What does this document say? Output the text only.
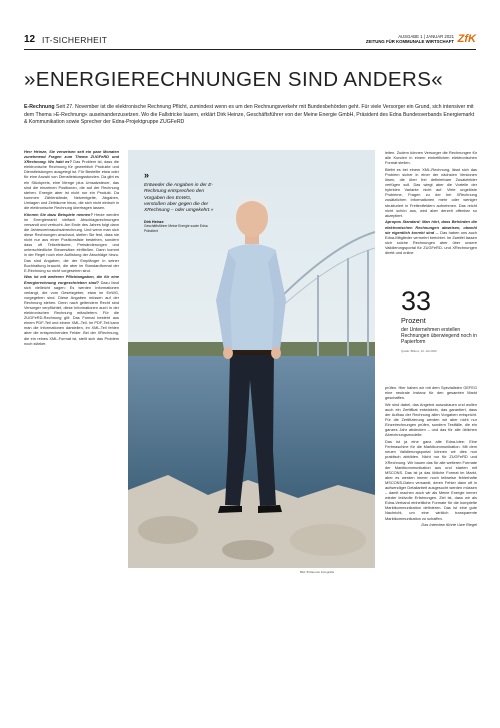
12 IT-SICHERHEIT	AUSGABE 1 | JANUAR 2021
ZEITUNG FÜR KOMMUNALE WIRTSCHAFT ZfK
»ENERGIERECHNUNGEN SIND ANDERS«
E-Rechnung Seit 27. November ist die elektronische Rechnung Pflicht, zumindest wenn es um den Rechnungsverkehr mit Bundesbehörden geht. Für viele Versorger ein Grund, sich intensiver mit dem Thema »E-Rechnung« auseinanderzusetzen. Wo die Fallstricke lauern, erklärt Dirk Heinze, Geschäftsführer von der Meine Energie GmbH, Präsident des Edna Bundesverbands Energiemarkt & Kommunikation sowie Sprecher der Edna-Projektgruppe ZUGFeRD

Herr Heinze, Sie verweisen seit ein paar Monaten zunehmend Fragen zum Thema ZUGFeRD und XRechnung. Wo hakt es? Das Problem ist, dass die elektronische Rechnung für gewerblich Produkte und Dienstleistungen ausgelegt ist. Für Bestellte etwa oder für eine Anzahl von Dienstleistungsstunden. Da gibt es ein Stückpreis, eine Menge plus Umsatzsteuer, das sind die einzelnen Positionen, die auf der Rechnung stehen. Energie aber ist nicht nur ein Produkt. Da kommen Zählerstände, Netzentgelte, Abgaben, Umlagen und Zeiträume hinzu, die sich nicht einfach in die elektronische Rechnung übertragen lassen.

Können Sie dazu Beispiele nennen? Heute werden im Energiemarkt vielfach Abschlagsrechnungen versandt und verbucht. Am Ende des Jahres folgt dann die Jahresverbrauchsabrechnung. Und wenn man sich diese Rechnungen anschaut, stellen Sie fest, dass sie nicht nur aus einer Positionsliste bestehen, sondern dass oft Teilzeiträume, Preisänderungen und unterschiedliche Steuersätze einfließen. Dann kommt in der Regel noch eine Auflistung der Abschläge hinzu. Das sind Angaben, die der Empfänger in seiner Buchhaltung braucht, die aber im Standardformat der E-Rechnung so nicht vorgesehen sind.

Was ist mit weiteren Pflichtangaben, die für eine Energierechnung vorgeschrieben sind? Dazu fand sich vielleicht sagen: Es werden Informationen verlangt, die vom Gesetzgeber, etwa im EnWG, vorgegeben sind. Diese Angaben müssen auf der Rechnung stehen. Denn nach geltendem Recht sind Versorger verpflichtet, diese Informationen auch in der elektronischen Rechnung mitzuliefern. Für die ZUGFeRD-Rechnung gilt: Das Format besteht aus einem PDF-Teil und einem XML-Teil. Im PDF-Teil kann man die Informationen darstellen, im XML-Teil fehlen aber die entsprechenden Felder. Bei der XRechnung, die ein reines XML-Format ist, stellt sich das Problem noch stärker.

»
Entweder die Angaben in der E-Rechnung entsprechen den Vorgaben des EnWG, verstoßen aber gegen die der XRechnung – oder umgekehrt.«
Dirk Heinze
Geschäftsführer Meine Energie sowie Edna Präsident
Bild: B.Raum/e Fotografie

leiten. Zudem können Versorger die Rechnungen für alle Kunden in einem einheitlichen elektronischen Format stellen.

Bleibt es bei einem XML-Rechnung, lässt sich das Problem sicher in einer der nächsten Versionen lösen, die über frei definierbare Zusatzfelder verfügen soll. Das wiegt aber die Vorteile der hybriden Variante nicht auf. Viele ungelöste Probleme, Fragen zu der bei XRechnung zusätzlichen Informationen mehr oder weniger strukturiert in Freitextfeldern aufnehmen. Das reicht nicht schön aus, wird aber derzeit offenbar so akzeptiert.

Apropos Standard: Man hört, dass Behörden die elektronischen Rechnungen abweisen, obwohl sie eigentlich korrekt sind ... Das haben uns auch Edna-Mitglieder vermehrt berichtet. Im Zweifel lassen sich solche Rechnungen aber über unsere Validierungsportal für ZUGFeRD- und XRechnungen direkt und online

33
Prozent
der Unternehmen erstellen Rechnungen überwiegend noch in Papierform
Quelle: Bitkom, 24. Juli 2020

prüfen. Hier haben wir mit dem Spezialisten GEFEG eine neutrale Instanz für den gesamten Markt geschaffen.

Wir sind dabei, das Angebot auszubauen und wollen auch ein Zertifikat entwickeln, das garantiert, dass der Aufbau der Rechnung allen Vorgaben entspricht. Für die Zertifizierung werden wir aber nicht nur Einzelrechnungen prüfen, sondern Testfälle, die ein ganzes Jahr abdecken – und das für alle üblichen Abrechnungsmodelle.

Das ist ja eine ganz alte Edna-Idee: Eine Fertmaschine für die Marktkommunikation. Mit dem neuen Validierungsportal können wir dies nun praktisch abbilden. Nicht nur für ZUGFeRD und XRechnung. Wir bauen das für alle weiteren Formate der Marktkommunikation aus und starten mit MSCONS. Das ist ja das übliche Format im Markt, aber es werden immer noch teilweise fehlerhafte MSCONS-Daten versandt, deren Fehler dann oft in aufwendiger Detailarbeit ausgesucht werden müssen – damit machen auch wir als Meine Energie immer wieder leidvolle Erfahrungen. Ziel ist, dass wir als Edna-Verband einheitliche Formate für die komplette Marktkommunikation definieren. Das ist eine gute Nachricht, um eine wirklich transparente Marktkommunikation zu schaffen.

Das Interview führte Uwe Riegel
